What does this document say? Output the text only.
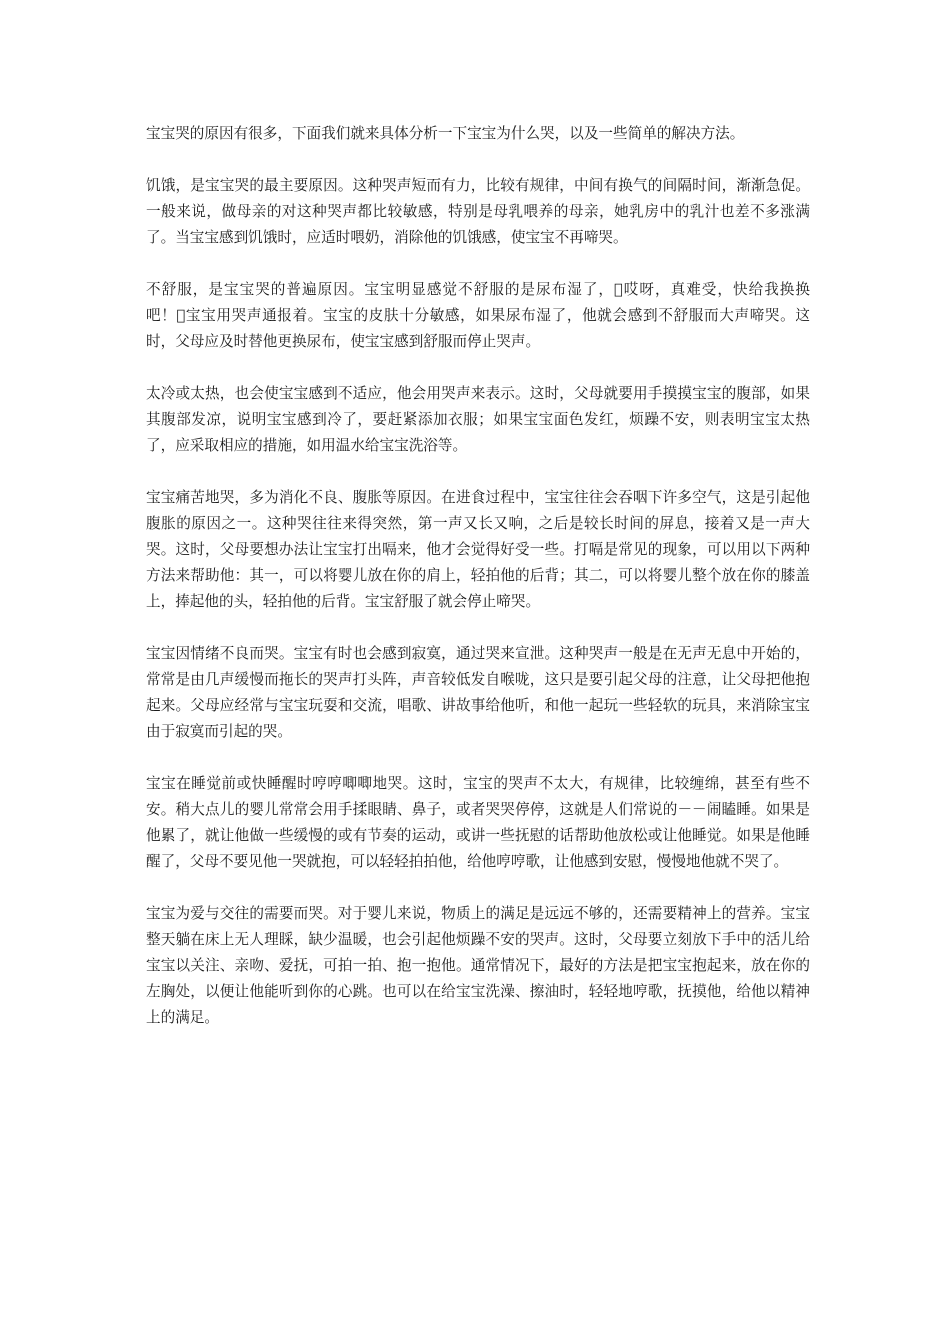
宝宝哭的原因有很多，下面我们就来具体分析一下宝宝为什么哭，以及一些简单的解决方法。

饥饿，是宝宝哭的最主要原因。这种哭声短而有力，比较有规律，中间有换气的间隔时间，渐渐急促。一般来说，做母亲的对这种哭声都比较敏感，特别是母乳喂养的母亲，她乳房中的乳汁也差不多涨满了。当宝宝感到饥饿时，应适时喂奶，消除他的饥饿感，使宝宝不再啼哭。

不舒服，是宝宝哭的普遍原因。宝宝明显感觉不舒服的是尿布湿了， 哎呀，真难受，快给我换换吧！ 宝宝用哭声通报着。宝宝的皮肤十分敏感，如果尿布湿了，他就会感到不舒服而大声啼哭。这时，父母应及时替他更换尿布，使宝宝感到舒服而停止哭声。

太冷或太热，也会使宝宝感到不适应，他会用哭声来表示。这时，父母就要用手摸摸宝宝的腹部，如果其腹部发凉，说明宝宝感到冷了，要赶紧添加衣服；如果宝宝面色发红，烦躁不安，则表明宝宝太热了，应采取相应的措施，如用温水给宝宝洗浴等。

宝宝痛苦地哭，多为消化不良、腹胀等原因。在进食过程中，宝宝往往会吞咽下许多空气，这是引起他腹胀的原因之一。这种哭往往来得突然，第一声又长又响，之后是较长时间的屏息，接着又是一声大哭。这时，父母要想办法让宝宝打出嗝来，他才会觉得好受一些。打嗝是常见的现象，可以用以下两种方法来帮助他：其一，可以将婴儿放在你的肩上，轻拍他的后背；其二，可以将婴儿整个放在你的膝盖上，捧起他的头，轻拍他的后背。宝宝舒服了就会停止啼哭。

宝宝因情绪不良而哭。宝宝有时也会感到寂寞，通过哭来宣泄。这种哭声一般是在无声无息中开始的，常常是由几声缓慢而拖长的哭声打头阵，声音较低发自喉咙，这只是要引起父母的注意，让父母把他抱起来。父母应经常与宝宝玩耍和交流，唱歌、讲故事给他听，和他一起玩一些轻软的玩具，来消除宝宝由于寂寞而引起的哭。

宝宝在睡觉前或快睡醒时哼哼唧唧地哭。这时，宝宝的哭声不太大，有规律，比较缠绵，甚至有些不安。稍大点儿的婴儿常常会用手揉眼睛、鼻子，或者哭哭停停，这就是人们常说的－－闹瞌睡。如果是他累了，就让他做一些缓慢的或有节奏的运动，或讲一些抚慰的话帮助他放松或让他睡觉。如果是他睡醒了，父母不要见他一哭就抱，可以轻轻拍拍他，给他哼哼歌，让他感到安慰，慢慢地他就不哭了。

宝宝为爱与交往的需要而哭。对于婴儿来说，物质上的满足是远远不够的，还需要精神上的营养。宝宝整天躺在床上无人理睬，缺少温暖，也会引起他烦躁不安的哭声。这时，父母要立刻放下手中的活儿给宝宝以关注、亲吻、爱抚，可拍一拍、抱一抱他。通常情况下，最好的方法是把宝宝抱起来，放在你的左胸处，以便让他能听到你的心跳。也可以在给宝宝洗澡、擦油时，轻轻地哼歌，抚摸他，给他以精神上的满足。
